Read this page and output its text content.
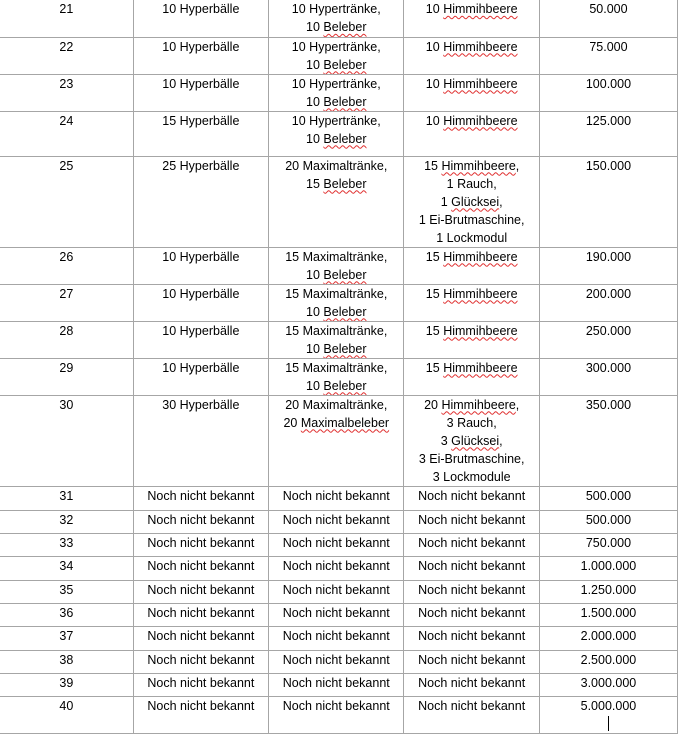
21	10 Hyperbälle	10 Hypertränke,
10 Beleber	10 Himmihbeere	50.000

22	10 Hyperbälle	10 Hypertränke,
10 Beleber	10 Himmihbeere	75.000

23	10 Hyperbälle	10 Hypertränke,
10 Beleber	10 Himmihbeere	100.000

24	15 Hyperbälle	10 Hypertränke,
10 Beleber	10 Himmihbeere	125.000

25	25 Hyperbälle	20 Maximaltränke,
15 Beleber	15 Himmihbeere,
1 Rauch,
1 Glücksei,
1 Ei-Brutmaschine,
1 Lockmodul	150.000

26	10 Hyperbälle	15 Maximaltränke,
10 Beleber	15 Himmihbeere	190.000

27	10 Hyperbälle	15 Maximaltränke,
10 Beleber	15 Himmihbeere	200.000

28	10 Hyperbälle	15 Maximaltränke,
10 Beleber	15 Himmihbeere	250.000

29	10 Hyperbälle	15 Maximaltränke,
10 Beleber	15 Himmihbeere	300.000

30	30 Hyperbälle	20 Maximaltränke,
20 Maximalbeleber	20 Himmihbeere,
3 Rauch,
3 Glücksei,
3 Ei-Brutmaschine,
3 Lockmodule	350.000

31	Noch nicht bekannt	Noch nicht bekannt	Noch nicht bekannt	500.000

32	Noch nicht bekannt	Noch nicht bekannt	Noch nicht bekannt	500.000

33	Noch nicht bekannt	Noch nicht bekannt	Noch nicht bekannt	750.000

34	Noch nicht bekannt	Noch nicht bekannt	Noch nicht bekannt	1.000.000

35	Noch nicht bekannt	Noch nicht bekannt	Noch nicht bekannt	1.250.000

36	Noch nicht bekannt	Noch nicht bekannt	Noch nicht bekannt	1.500.000

37	Noch nicht bekannt	Noch nicht bekannt	Noch nicht bekannt	2.000.000

38	Noch nicht bekannt	Noch nicht bekannt	Noch nicht bekannt	2.500.000

39	Noch nicht bekannt	Noch nicht bekannt	Noch nicht bekannt	3.000.000

40	Noch nicht bekannt	Noch nicht bekannt	Noch nicht bekannt	5.000.000
